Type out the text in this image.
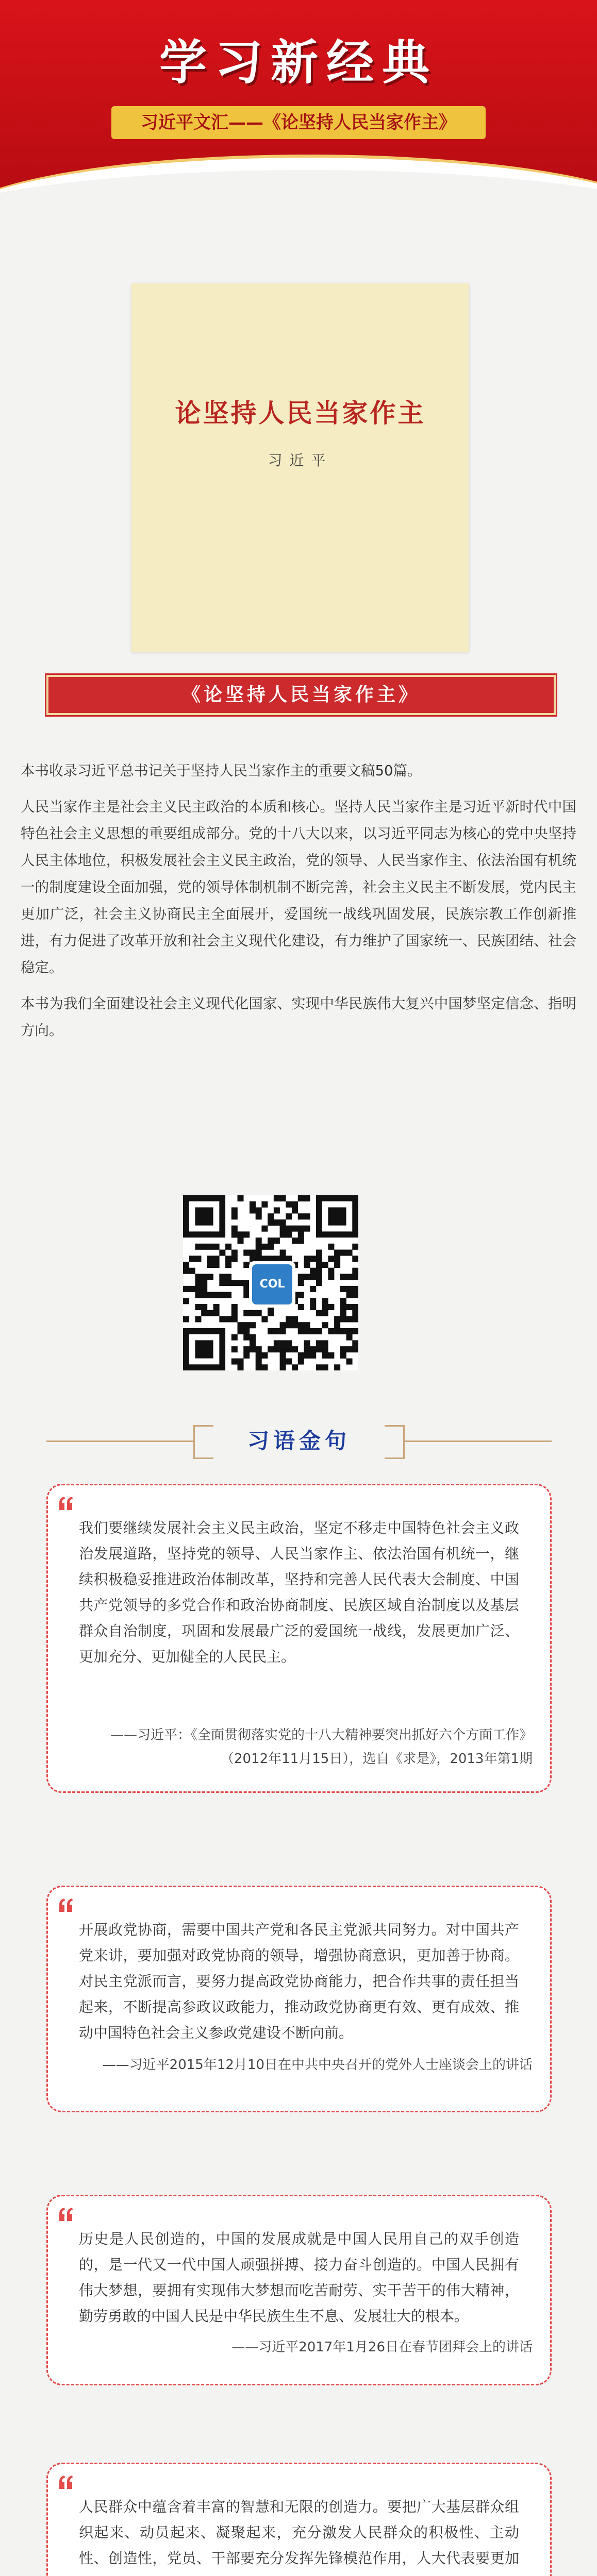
学习新经典
习近平文汇——《论坚持人民当家作主》
论坚持人民当家作主
习近平
《论坚持人民当家作主》

本书收录习近平总书记关于坚持人民当家作主的重要文稿50篇。

人民当家作主是社会主义民主政治的本质和核心。坚持人民当家作主是习近平新时代中国特色社会主义思想的重要组成部分。党的十八大以来，以习近平同志为核心的党中央坚持人民主体地位，积极发展社会主义民主政治，党的领导、人民当家作主、依法治国有机统一的制度建设全面加强，党的领导体制机制不断完善，社会主义民主不断发展，党内民主更加广泛，社会主义协商民主全面展开，爱国统一战线巩固发展，民族宗教工作创新推进，有力促进了改革开放和社会主义现代化建设，有力维护了国家统一、民族团结、社会稳定。

本书为我们全面建设社会主义现代化国家、实现中华民族伟大复兴中国梦坚定信念、指明方向。

COL
习语金句
我们要继续发展社会主义民主政治，坚定不移走中国特色社会主义政治发展道路，坚持党的领导、人民当家作主、依法治国有机统一，继续积极稳妥推进政治体制改革，坚持和完善人民代表大会制度、中国共产党领导的多党合作和政治协商制度、民族区域自治制度以及基层群众自治制度，巩固和发展最广泛的爱国统一战线，发展更加广泛、更加充分、更加健全的人民民主。
——习近平：《全面贯彻落实党的十八大精神要突出抓好六个方面工作》（2012年11月15日），选自《求是》，2013年第1期
开展政党协商，需要中国共产党和各民主党派共同努力。对中国共产党来讲，要加强对政党协商的领导，增强协商意识，更加善于协商。对民主党派而言，要努力提高政党协商能力，把合作共事的责任担当起来，不断提高参政议政能力，推动政党协商更有效、更有成效、推动中国特色社会主义参政党建设不断向前。
——习近平2015年12月10日在中共中央召开的党外人士座谈会上的讲话
历史是人民创造的，中国的发展成就是中国人民用自己的双手创造的，是一代又一代中国人顽强拼搏、接力奋斗创造的。中国人民拥有伟大梦想，要拥有实现伟大梦想而吃苦耐劳、实干苦干的伟大精神，勤劳勇敢的中国人民是中华民族生生不息、发展壮大的根本。
——习近平2017年1月26日在春节团拜会上的讲话
人民群众中蕴含着丰富的智慧和无限的创造力。要把广大基层群众组织起来、动员起来、凝聚起来，充分激发人民群众的积极性、主动性、创造性，党员、干部要充分发挥先锋模范作用，人大代表要更加
